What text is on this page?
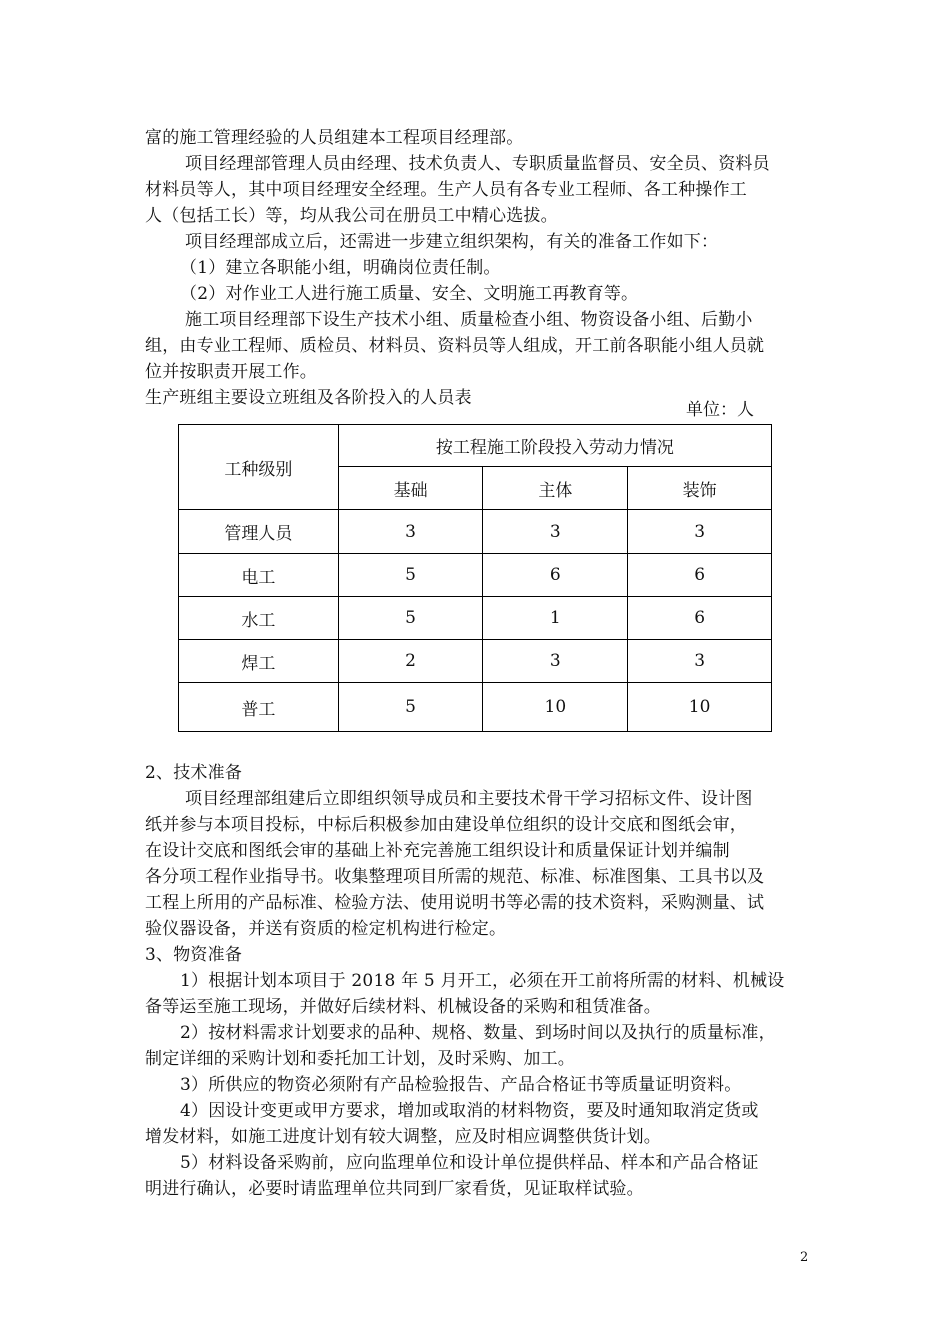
富的施工管理经验的人员组建本工程项目经理部。
项目经理部管理人员由经理、技术负责人、专职质量监督员、安全员、资料员
材料员等人，其中项目经理安全经理。生产人员有各专业工程师、各工种操作工
人（包括工长）等，均从我公司在册员工中精心选拔。
项目经理部成立后，还需进一步建立组织架构，有关的准备工作如下：
（1）建立各职能小组，明确岗位责任制。
（2）对作业工人进行施工质量、安全、文明施工再教育等。
施工项目经理部下设生产技术小组、质量检查小组、物资设备小组、后勤小
组，由专业工程师、质检员、材料员、资料员等人组成，开工前各职能小组人员就
位并按职责开展工作。
生产班组主要设立班组及各阶投入的人员表
单位：人
工种级别	按工程施工阶段投入劳动力情况		
	基础	主体	装饰
管理人员	3	3	3
电工	5	6	6
水工	5	1	6
焊工	2	3	3
普工	5	10	10
2、技术准备
项目经理部组建后立即组织领导成员和主要技术骨干学习招标文件、设计图
纸并参与本项目投标，中标后积极参加由建设单位组织的设计交底和图纸会审，
在设计交底和图纸会审的基础上补充完善施工组织设计和质量保证计划并编制
各分项工程作业指导书。收集整理项目所需的规范、标准、标准图集、工具书以及
工程上所用的产品标准、检验方法、使用说明书等必需的技术资料，采购测量、试
验仪器设备，并送有资质的检定机构进行检定。
3、物资准备
1）根据计划本项目于 2018 年 5 月开工，必须在开工前将所需的材料、机械设
备等运至施工现场，并做好后续材料、机械设备的采购和租赁准备。
2）按材料需求计划要求的品种、规格、数量、到场时间以及执行的质量标准，
制定详细的采购计划和委托加工计划，及时采购、加工。
3）所供应的物资必须附有产品检验报告、产品合格证书等质量证明资料。
4）因设计变更或甲方要求，增加或取消的材料物资，要及时通知取消定货或
增发材料，如施工进度计划有较大调整，应及时相应调整供货计划。
5）材料设备采购前，应向监理单位和设计单位提供样品、样本和产品合格证
明进行确认，必要时请监理单位共同到厂家看货，见证取样试验。
2
